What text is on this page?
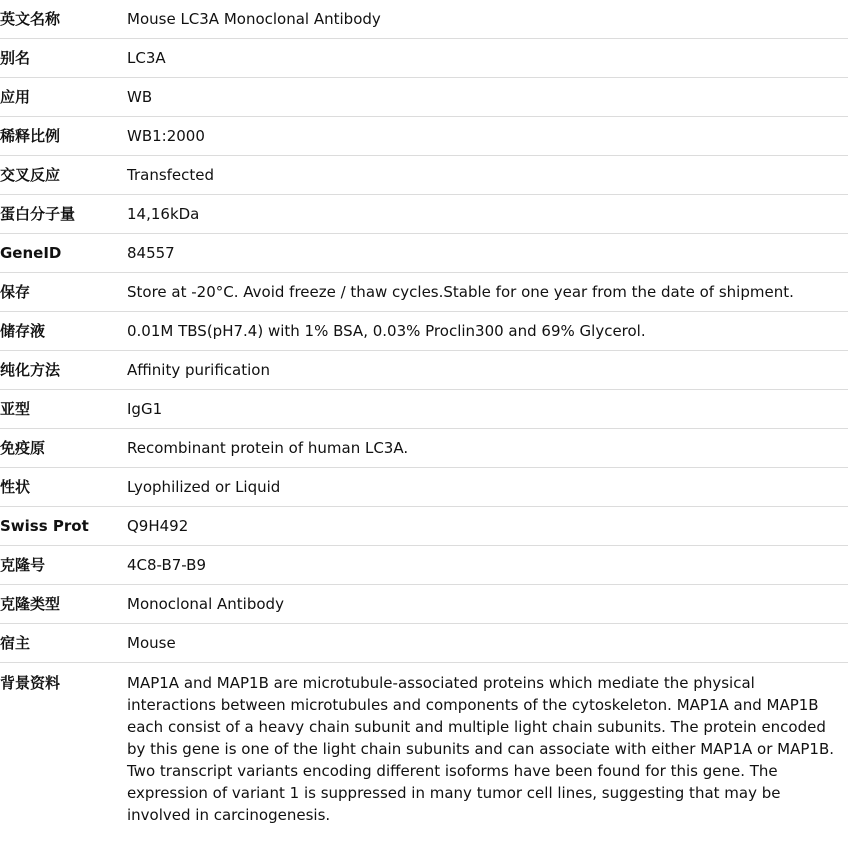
英文名称	Mouse LC3A Monoclonal Antibody
别名	LC3A
应用	WB
稀释比例	WB1:2000
交叉反应	Transfected
蛋白分子量	14,16kDa
GeneID	84557
保存	Store at -20°C. Avoid freeze / thaw cycles.Stable for one year from the date of shipment.
储存液	0.01M TBS(pH7.4) with 1% BSA, 0.03% Proclin300 and 69% Glycerol.
纯化方法	Affinity purification
亚型	IgG1
免疫原	Recombinant protein of human LC3A.
性状	Lyophilized or Liquid
Swiss Prot	Q9H492
克隆号	4C8-B7-B9
克隆类型	Monoclonal Antibody
宿主	Mouse
背景资料	MAP1A and MAP1B are microtubule-associated proteins which mediate the physical interactions between microtubules and components of the cytoskeleton. MAP1A and MAP1B each consist of a heavy chain subunit and multiple light chain subunits. The protein encoded by this gene is one of the light chain subunits and can associate with either MAP1A or MAP1B. Two transcript variants encoding different isoforms have been found for this gene. The expression of variant 1 is suppressed in many tumor cell lines, suggesting that may be involved in carcinogenesis.
